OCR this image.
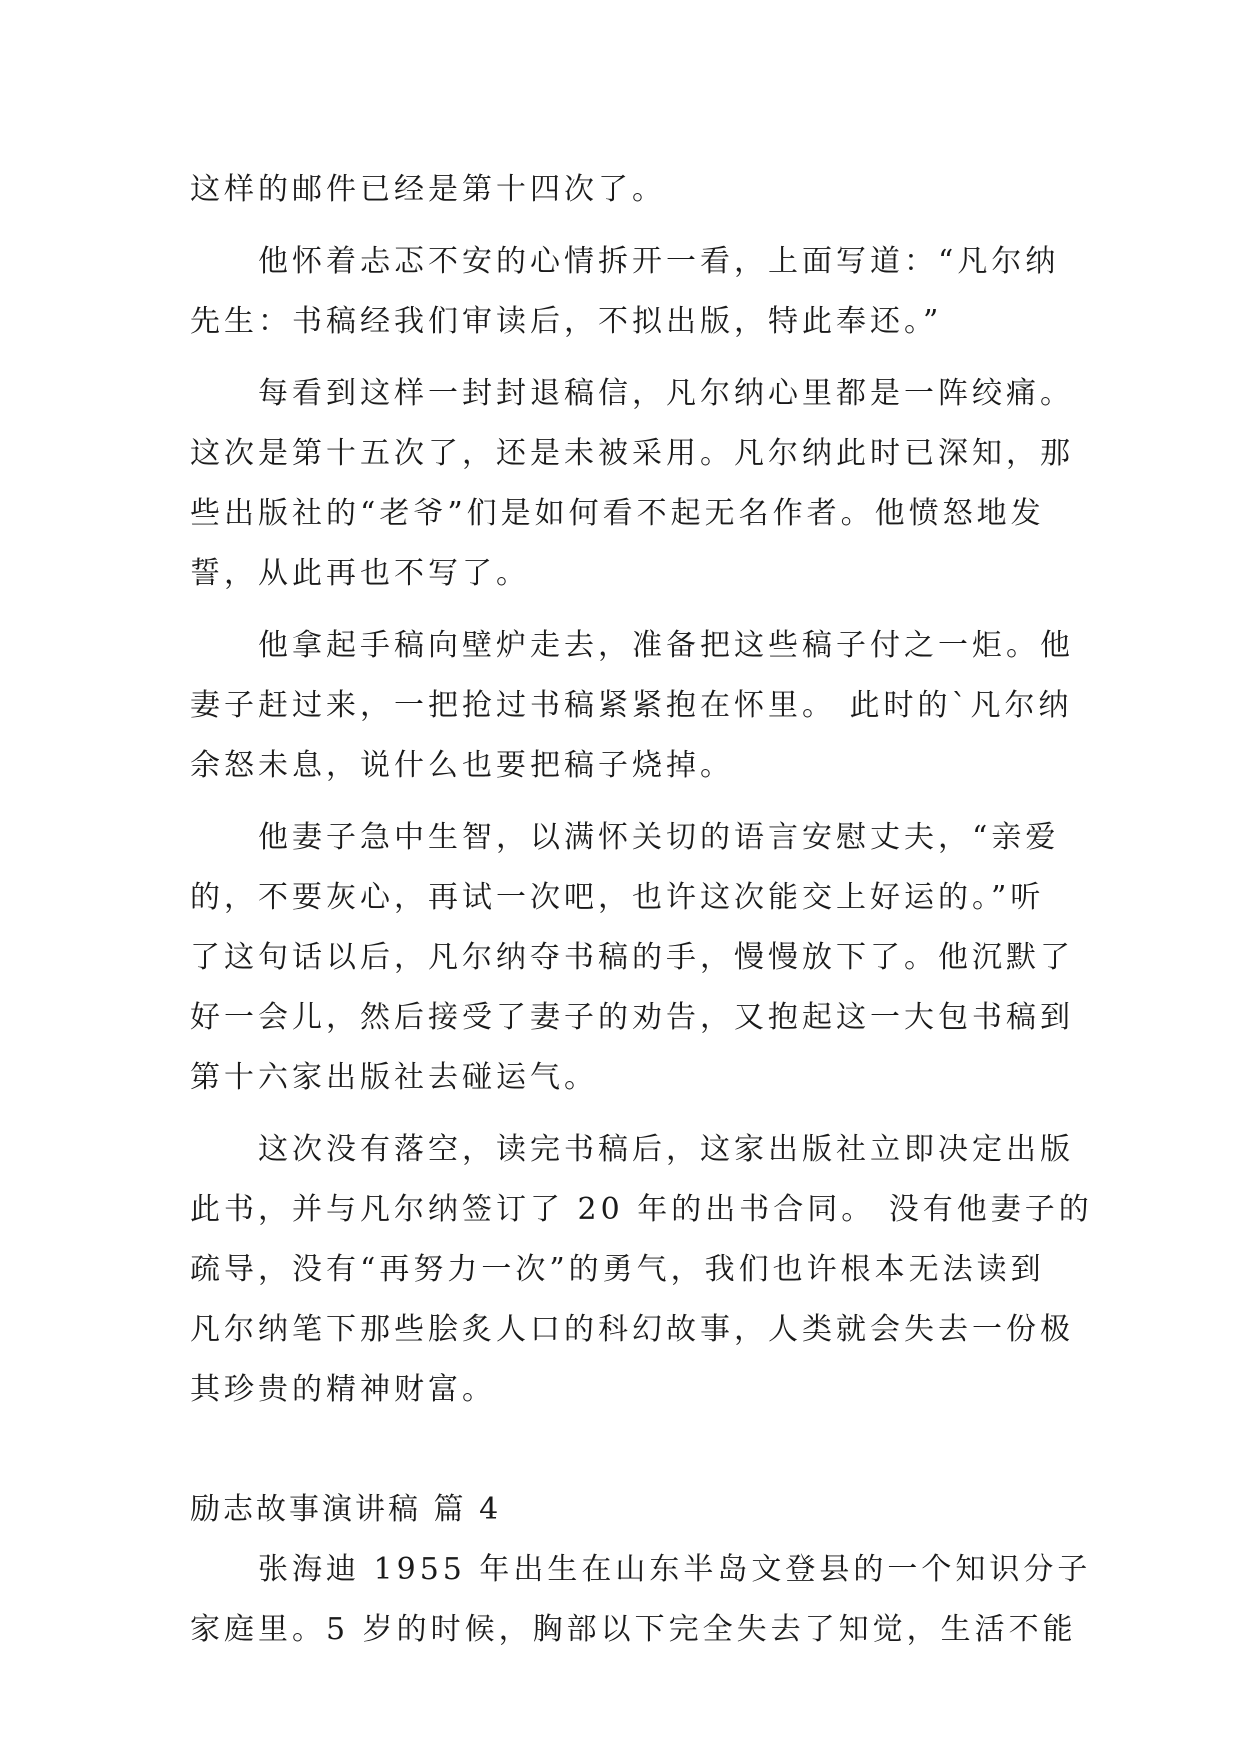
这样的邮件已经是第十四次了。

他怀着忐忑不安的心情拆开一看，上面写道：“凡尔纳

先生：书稿经我们审读后，不拟出版，特此奉还。”

每看到这样一封封退稿信，凡尔纳心里都是一阵绞痛。

这次是第十五次了，还是未被采用。凡尔纳此时已深知，那

些出版社的“老爷”们是如何看不起无名作者。他愤怒地发

誓，从此再也不写了。

他拿起手稿向壁炉走去，准备把这些稿子付之一炬。他

妻子赶过来，一把抢过书稿紧紧抱在怀里。 此时的`凡尔纳

余怒未息，说什么也要把稿子烧掉。

他妻子急中生智，以满怀关切的语言安慰丈夫，“亲爱

的，不要灰心，再试一次吧，也许这次能交上好运的。”听

了这句话以后，凡尔纳夺书稿的手，慢慢放下了。他沉默了

好一会儿，然后接受了妻子的劝告，又抱起这一大包书稿到

第十六家出版社去碰运气。

这次没有落空，读完书稿后，这家出版社立即决定出版

此书，并与凡尔纳签订了 20 年的出书合同。 没有他妻子的

疏导，没有“再努力一次”的勇气，我们也许根本无法读到

凡尔纳笔下那些脍炙人口的科幻故事，人类就会失去一份极

其珍贵的精神财富。

励志故事演讲稿 篇 4

张海迪 1955 年出生在山东半岛文登县的一个知识分子

家庭里。5 岁的时候，胸部以下完全失去了知觉，生活不能
